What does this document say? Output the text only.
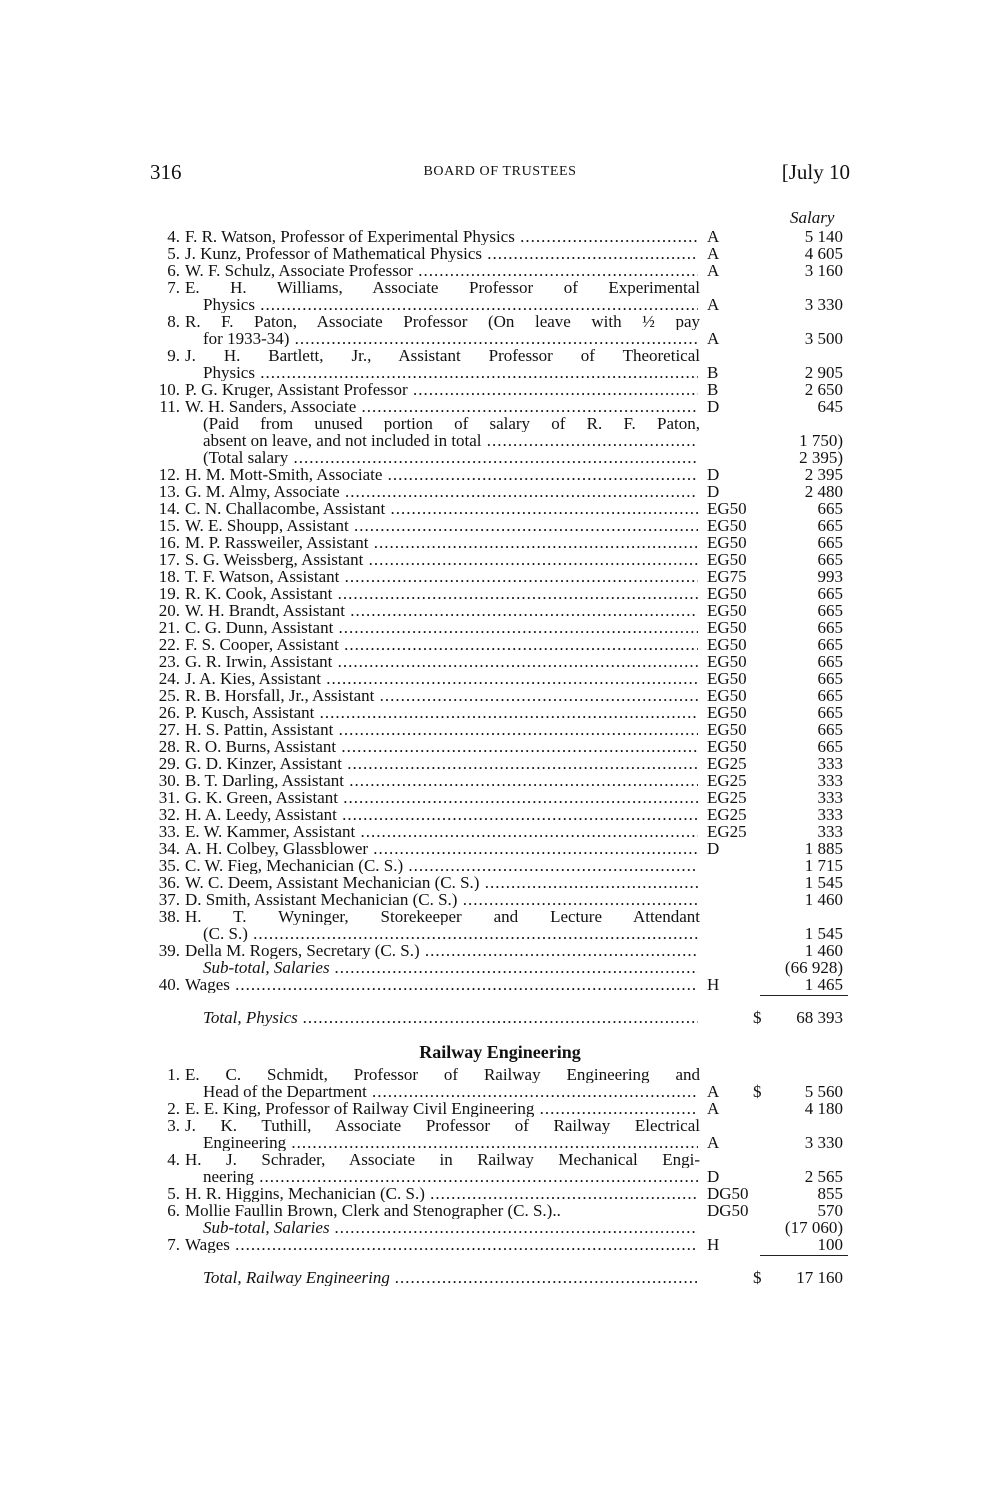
316	BOARD OF TRUSTEES	[July 10
Salary
4. F. R. Watson, Professor of Experimental Physics .....	A	5 140
5. J. Kunz, Professor of Mathematical Physics .....	A	4 605
6. W. F. Schulz, Associate Professor .....	A	3 160
7. E. H. Williams, Associate Professor of Experimental
Physics .....	A	3 330
8. R. F. Paton, Associate Professor (On leave with ½ pay
for 1933-34) .....	A	3 500
9. J. H. Bartlett, Jr., Assistant Professor of Theoretical
Physics .....	B	2 905
10. P. G. Kruger, Assistant Professor .....	B	2 650
11. W. H. Sanders, Associate .....	D	645
(Paid from unused portion of salary of R. F. Paton,
absent on leave, and not included in total .....	1 750)
(Total salary .....	2 395)
12. H. M. Mott-Smith, Associate .....	D	2 395
13. G. M. Almy, Associate .....	D	2 480
14. C. N. Challacombe, Assistant .....	EG50	665
15. W. E. Shoupp, Assistant .....	EG50	665
16. M. P. Rassweiler, Assistant .....	EG50	665
17. S. G. Weissberg, Assistant .....	EG50	665
18. T. F. Watson, Assistant .....	EG75	993
19. R. K. Cook, Assistant .....	EG50	665
20. W. H. Brandt, Assistant .....	EG50	665
21. C. G. Dunn, Assistant .....	EG50	665
22. F. S. Cooper, Assistant .....	EG50	665
23. G. R. Irwin, Assistant .....	EG50	665
24. J. A. Kies, Assistant .....	EG50	665
25. R. B. Horsfall, Jr., Assistant .....	EG50	665
26. P. Kusch, Assistant .....	EG50	665
27. H. S. Pattin, Assistant .....	EG50	665
28. R. O. Burns, Assistant .....	EG50	665
29. G. D. Kinzer, Assistant .....	EG25	333
30. B. T. Darling, Assistant .....	EG25	333
31. G. K. Green, Assistant .....	EG25	333
32. H. A. Leedy, Assistant .....	EG25	333
33. E. W. Kammer, Assistant .....	EG25	333
34. A. H. Colbey, Glassblower .....	D	1 885
35. C. W. Fieg, Mechanician (C. S.) .....	1 715
36. W. C. Deem, Assistant Mechanician (C. S.) .....	1 545
37. D. Smith, Assistant Mechanician (C. S.) .....	1 460
38. H. T. Wyninger, Storekeeper and Lecture Attendant
(C. S.) .....	1 545
39. Della M. Rogers, Secretary (C. S.) .....	1 460
Sub-total, Salaries .....	(66 928)
40. Wages .....	H	1 465
Total, Physics .....	$	68 393
Railway Engineering
1. E. C. Schmidt, Professor of Railway Engineering and
Head of the Department .....	A $	5 560
2. E. E. King, Professor of Railway Civil Engineering .....	A	4 180
3. J. K. Tuthill, Associate Professor of Railway Electrical
Engineering .....	A	3 330
4. H. J. Schrader, Associate in Railway Mechanical Engi-
neering .....	D	2 565
5. H. R. Higgins, Mechanician (C. S.) .....	DG50	855
6. Mollie Faullin Brown, Clerk and Stenographer (C. S.)..	DG50	570
Sub-total, Salaries .....	(17 060)
7. Wages .....	H	100
Total, Railway Engineering .....	$	17 160
